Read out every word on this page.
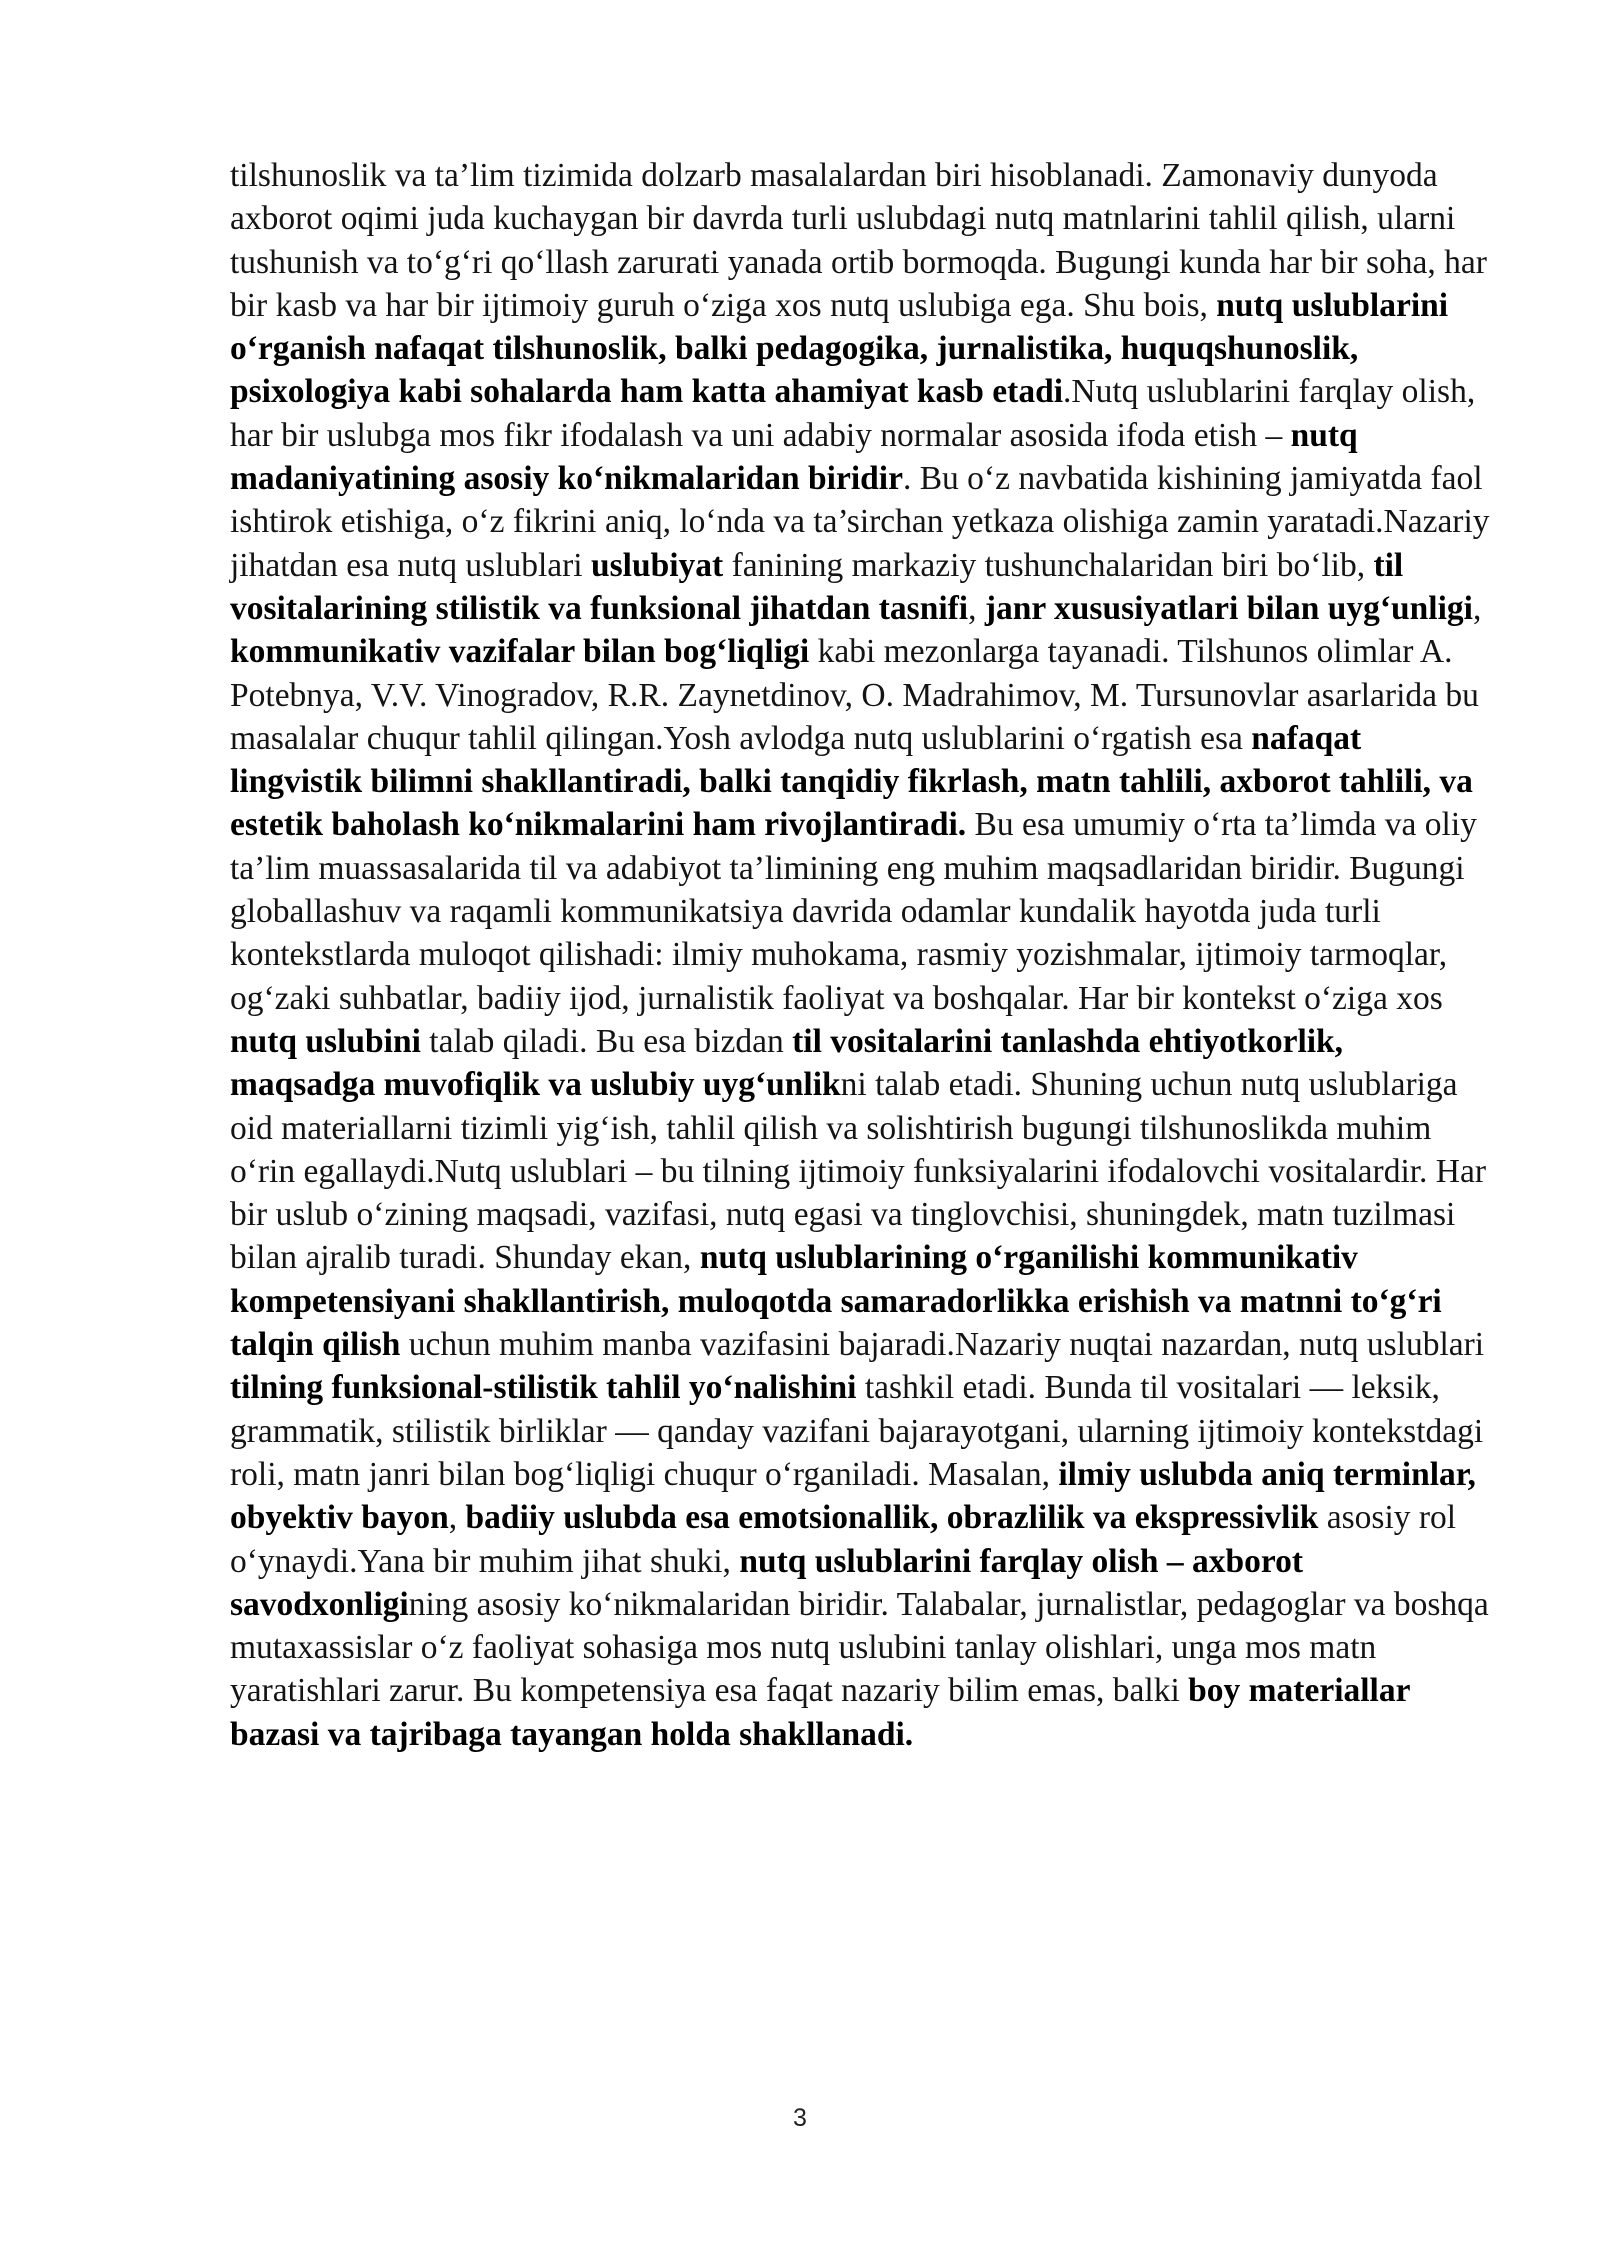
tilshunoslik va ta’lim tizimida dolzarb masalalardan biri hisoblanadi. Zamonaviy dunyoda axborot oqimi juda kuchaygan bir davrda turli uslubdagi nutq matnlarini tahlil qilish, ularni tushunish va toʻgʻri qoʻllash zarurati yanada ortib bormoqda. Bugungi kunda har bir soha, har bir kasb va har bir ijtimoiy guruh oʻziga xos nutq uslubiga ega. Shu bois, nutq uslublarini oʻrganish nafaqat tilshunoslik, balki pedagogika, jurnalistika, huquqshunoslik, psixologiya kabi sohalarda ham katta ahamiyat kasb etadi.Nutq uslublarini farqlay olish, har bir uslubga mos fikr ifodalash va uni adabiy normalar asosida ifoda etish – nutq madaniyatining asosiy koʻnikmalaridan biridir. Bu oʻz navbatida kishining jamiyatda faol ishtirok etishiga, oʻz fikrini aniq, loʻnda va ta’sirchan yetkaza olishiga zamin yaratadi.Nazariy jihatdan esa nutq uslublari uslubiyat fanining markaziy tushunchalaridan biri boʻlib, til vositalarining stilistik va funksional jihatdan tasnifi, janr xususiyatlari bilan uygʻunligi, kommunikativ vazifalar bilan bogʻliqligi kabi mezonlarga tayanadi. Tilshunos olimlar A. Potebnya, V.V. Vinogradov, R.R. Zaynetdinov, O. Madrahimov, M. Tursunovlar asarlarida bu masalalar chuqur tahlil qilingan.Yosh avlodga nutq uslublarini oʻrgatish esa nafaqat lingvistik bilimni shakllantiradi, balki tanqidiy fikrlash, matn tahlili, axborot tahlili, va estetik baholash koʻnikmalarini ham rivojlantiradi. Bu esa umumiy oʻrta ta’limda va oliy ta’lim muassasalarida til va adabiyot ta’limining eng muhim maqsadlaridan biridir. Bugungi globallashuv va raqamli kommunikatsiya davrida odamlar kundalik hayotda juda turli kontekstlarda muloqot qilishadi: ilmiy muhokama, rasmiy yozishmalar, ijtimoiy tarmoqlar, ogʻzaki suhbatlar, badiiy ijod, jurnalistik faoliyat va boshqalar. Har bir kontekst oʻziga xos nutq uslubini talab qiladi. Bu esa bizdan til vositalarini tanlashda ehtiyotkorlik, maqsadga muvofiqlik va uslubiy uygʻunlikni talab etadi. Shuning uchun nutq uslublariga oid materiallarni tizimli yigʻish, tahlil qilish va solishtirish bugungi tilshunoslikda muhim oʻrin egallaydi.Nutq uslublari – bu tilning ijtimoiy funksiyalarini ifodalovchi vositalardir. Har bir uslub oʻzining maqsadi, vazifasi, nutq egasi va tinglovchisi, shuningdek, matn tuzilmasi bilan ajralib turadi. Shunday ekan, nutq uslublarining oʻrganilishi kommunikativ kompetensiyani shakllantirish, muloqotda samaradorlikka erishish va matnni toʻgʻri talqin qilish uchun muhim manba vazifasini bajaradi.Nazariy nuqtai nazardan, nutq uslublari tilning funksional-stilistik tahlil yoʻnalishini tashkil etadi. Bunda til vositalari — leksik, grammatik, stilistik birliklar — qanday vazifani bajarayotgani, ularning ijtimoiy kontekstdagi roli, matn janri bilan bogʻliqligi chuqur oʻrganiladi. Masalan, ilmiy uslubda aniq terminlar, obyektiv bayon, badiiy uslubda esa emotsionallik, obrazlilik va ekspressivlik asosiy rol oʻynaydi.Yana bir muhim jihat shuki, nutq uslublarini farqlay olish – axborot savodxonligining asosiy koʻnikmalaridan biridir. Talabalar, jurnalistlar, pedagoglar va boshqa mutaxassislar oʻz faoliyat sohasiga mos nutq uslubini tanlay olishlari, unga mos matn yaratishlari zarur. Bu kompetensiya esa faqat nazariy bilim emas, balki boy materiallar bazasi va tajribaga tayangan holda shakllanadi.

3
